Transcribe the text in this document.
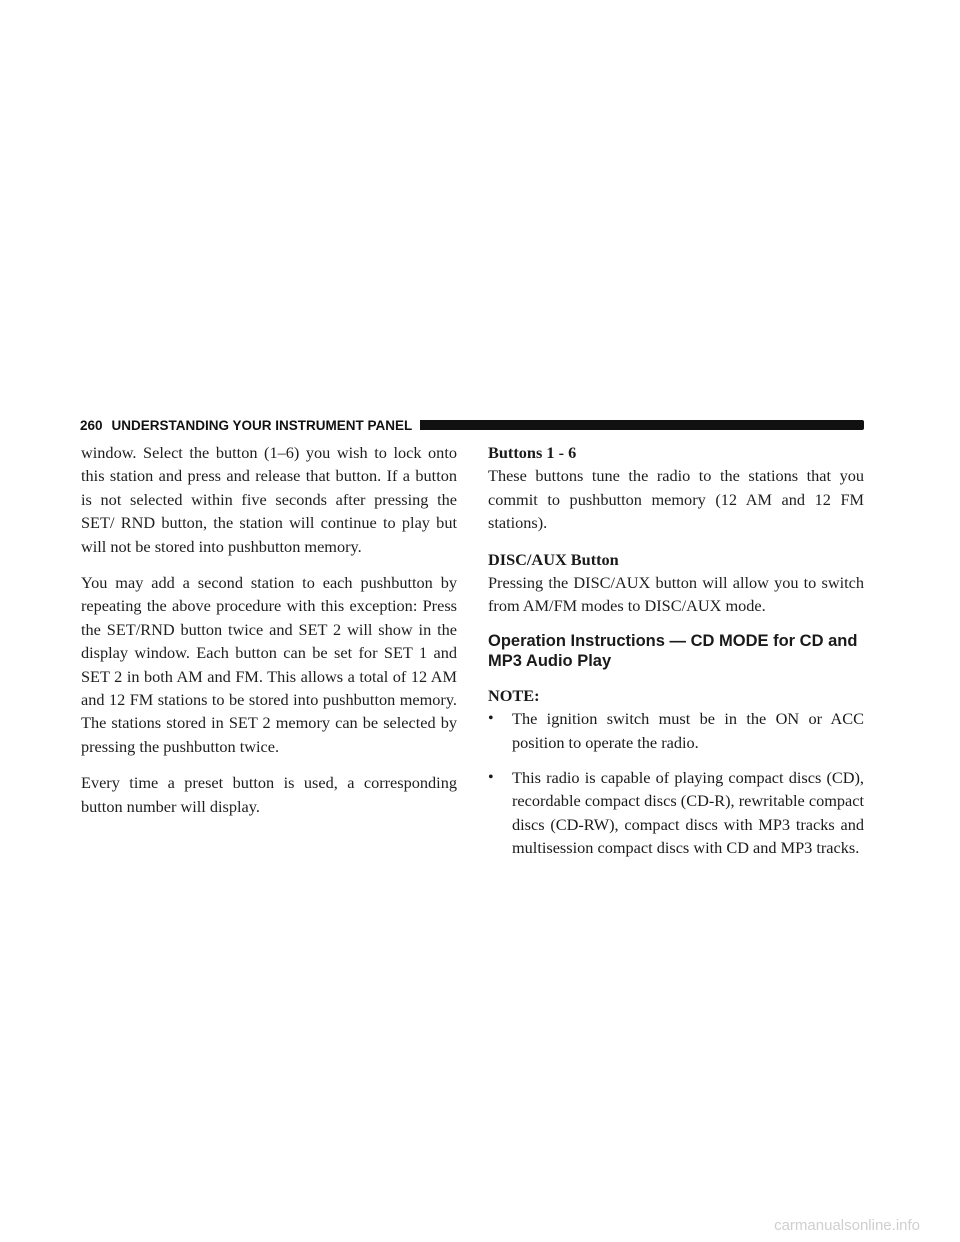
260 UNDERSTANDING YOUR INSTRUMENT PANEL

window. Select the button (1–6) you wish to lock onto this station and press and release that button. If a button is not selected within five seconds after pressing the SET/ RND button, the station will continue to play but will not be stored into pushbutton memory.

You may add a second station to each pushbutton by repeating the above procedure with this exception: Press the SET/RND button twice and SET 2 will show in the display window. Each button can be set for SET 1 and SET 2 in both AM and FM. This allows a total of 12 AM and 12 FM stations to be stored into pushbutton memory. The stations stored in SET 2 memory can be selected by pressing the pushbutton twice.

Every time a preset button is used, a corresponding button number will display.

Buttons 1 - 6

These buttons tune the radio to the stations that you commit to pushbutton memory (12 AM and 12 FM stations).

DISC/AUX Button

Pressing the DISC/AUX button will allow you to switch from AM/FM modes to DISC/AUX mode.

Operation Instructions — CD MODE for CD and MP3 Audio Play

NOTE:

• The ignition switch must be in the ON or ACC position to operate the radio.
• This radio is capable of playing compact discs (CD), recordable compact discs (CD-R), rewritable compact discs (CD-RW), compact discs with MP3 tracks and multisession compact discs with CD and MP3 tracks.
carmanualsonline.info
